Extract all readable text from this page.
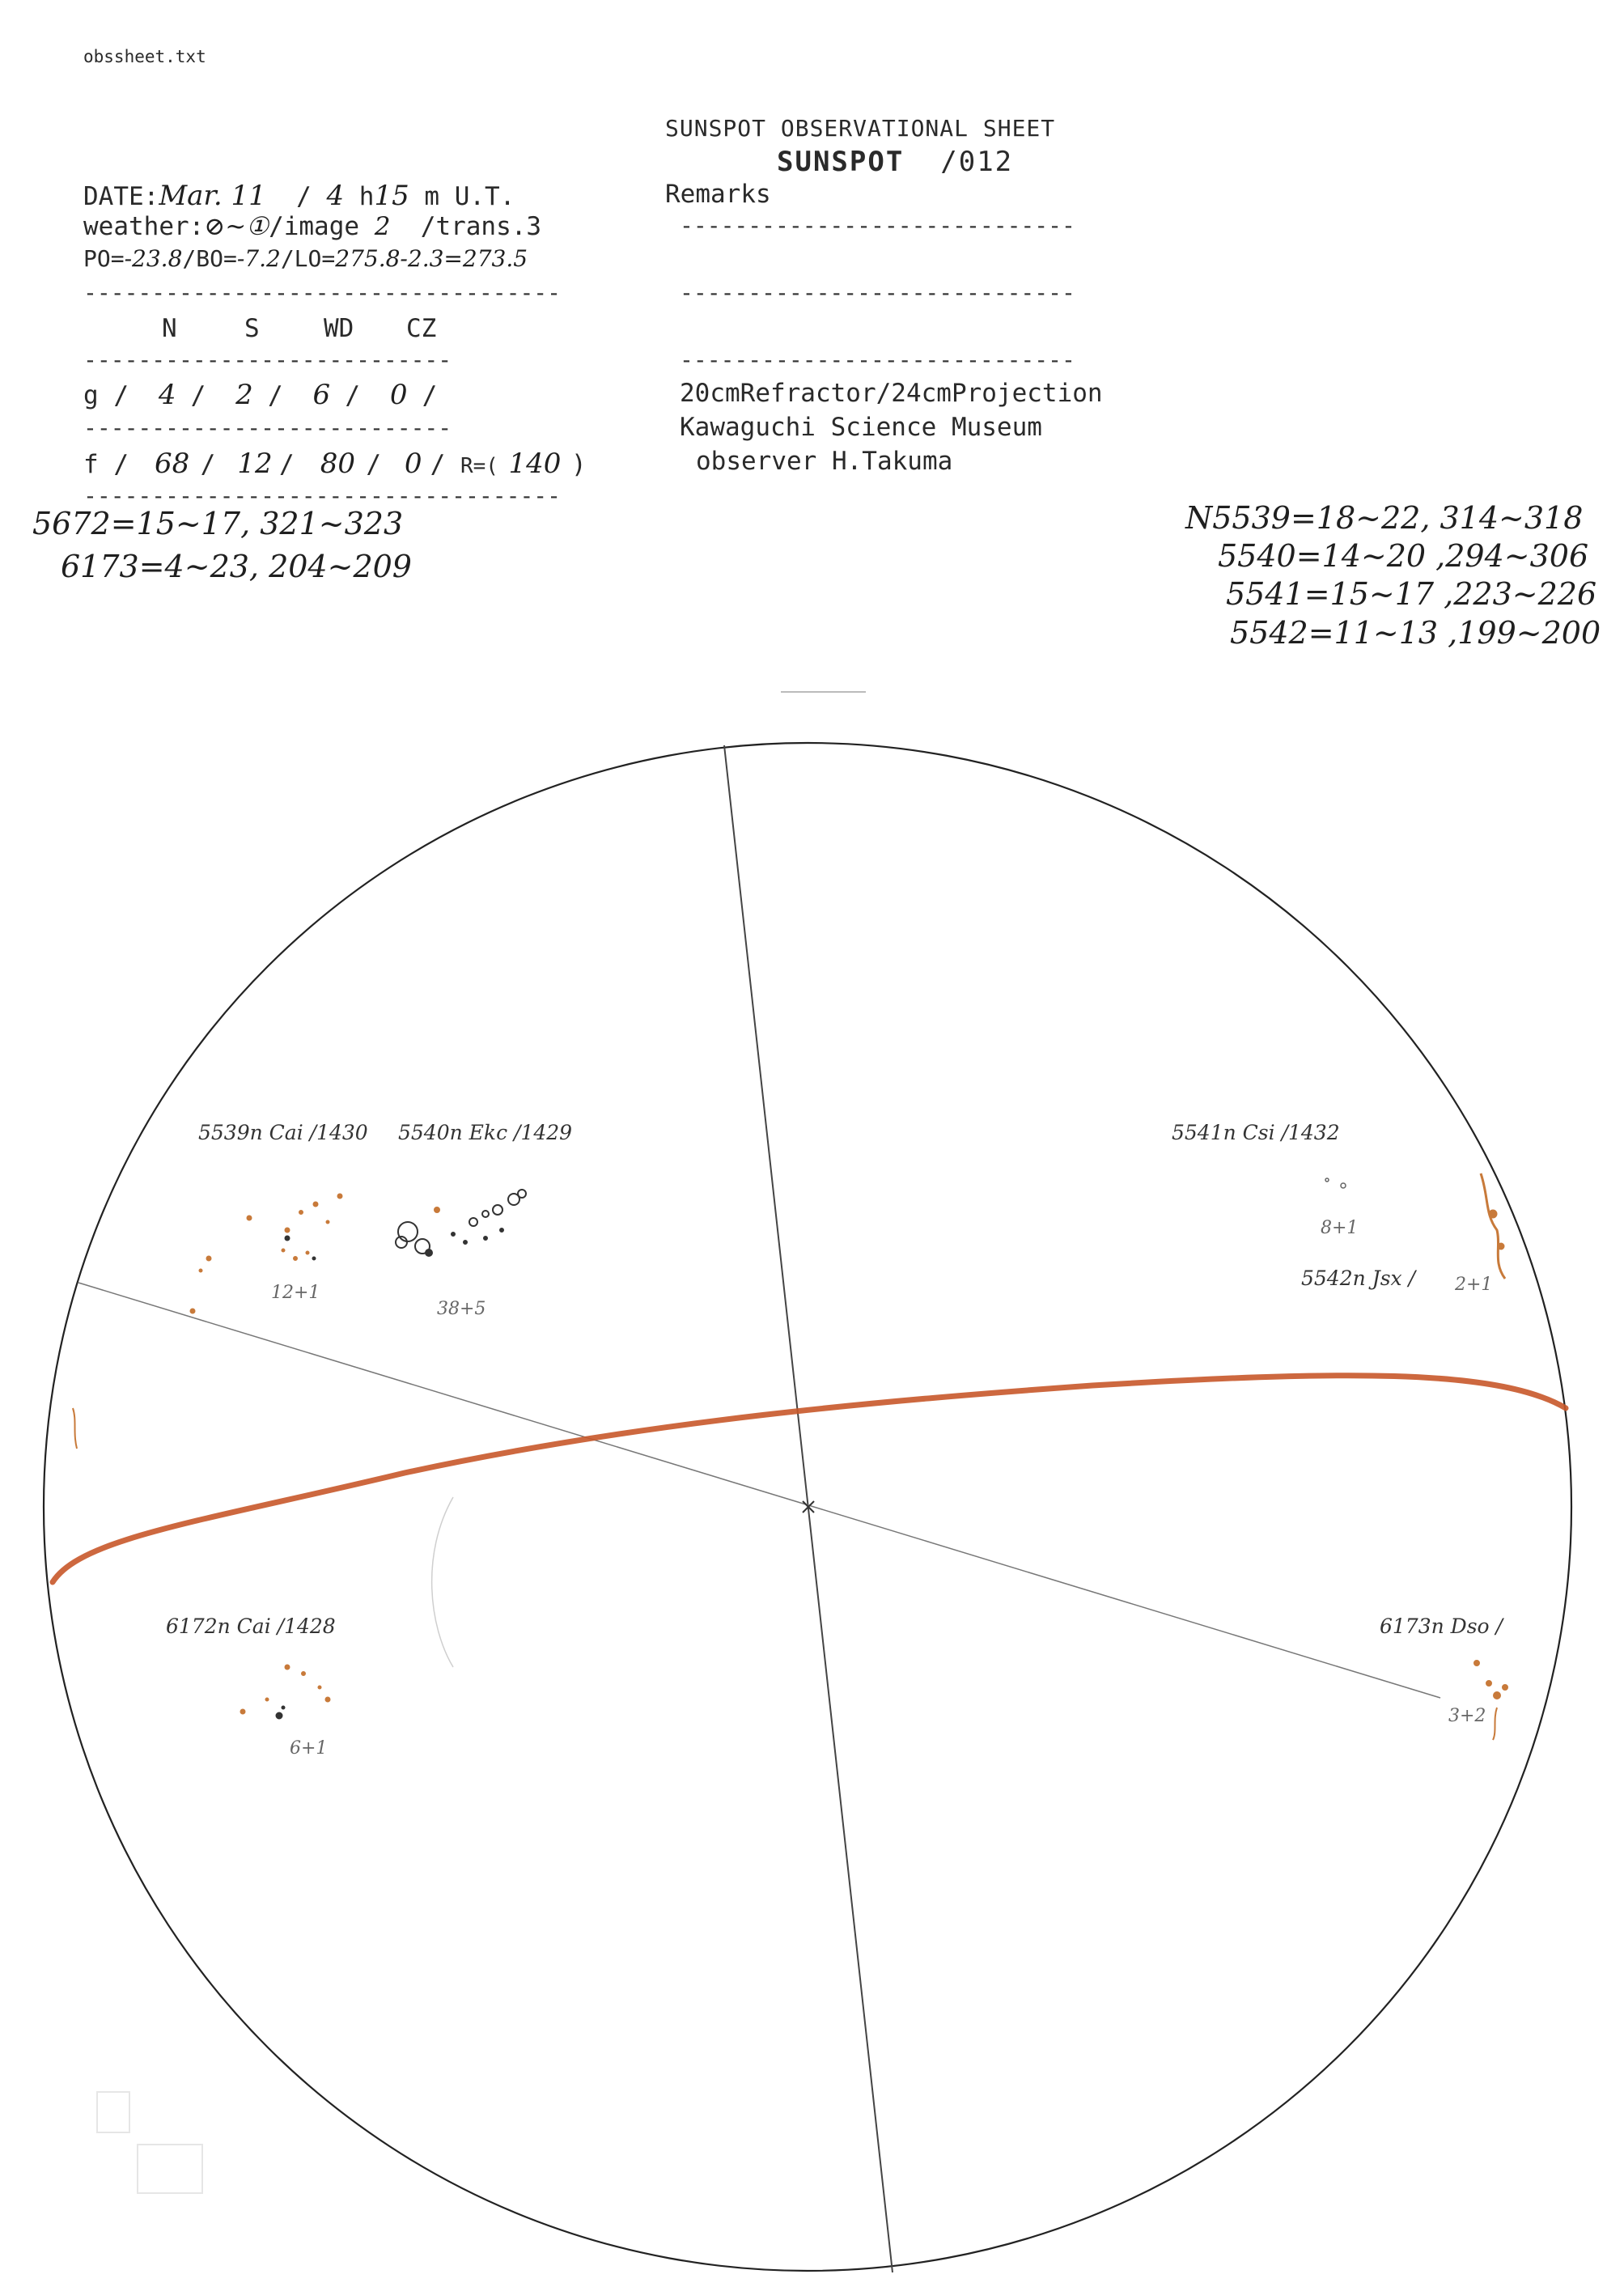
obssheet.txt
SUNSPOT OBSERVATIONAL SHEET
SUNSPOT /012
Remarks
-----------------------------
-----------------------------
-----------------------------
DATE:Mar. 11 / 4 h15 m U.T.
weather:⊘~①/image 2 /trans.3
PO=-23.8/BO=-7.2/LO=275.8-2.3=273.5
-----------------------------------
N	S	WD CZ
---------------------------
g / 4 / 2 / 6 / 0 /
---------------------------
f / 68 / 12 / 80 / 0 / R=( 140 )
-----------------------------------
20cmRefractor/24cmProjection
Kawaguchi Science Museum
observer H.Takuma
5672=15~17, 321~323
6173=4~23, 204~209
N5539=18~22, 314~318
5540=14~20 ,294~306
5541=15~17 ,223~226
5542=11~13 ,199~200
5539n Cai /1430
12+1
5540n Ekc /1429
38+5
5541n Csi /1432
8+1
5542n Jsx / 2+1
6172n Cai /1428
6+1
6173n Dso /
3+2
